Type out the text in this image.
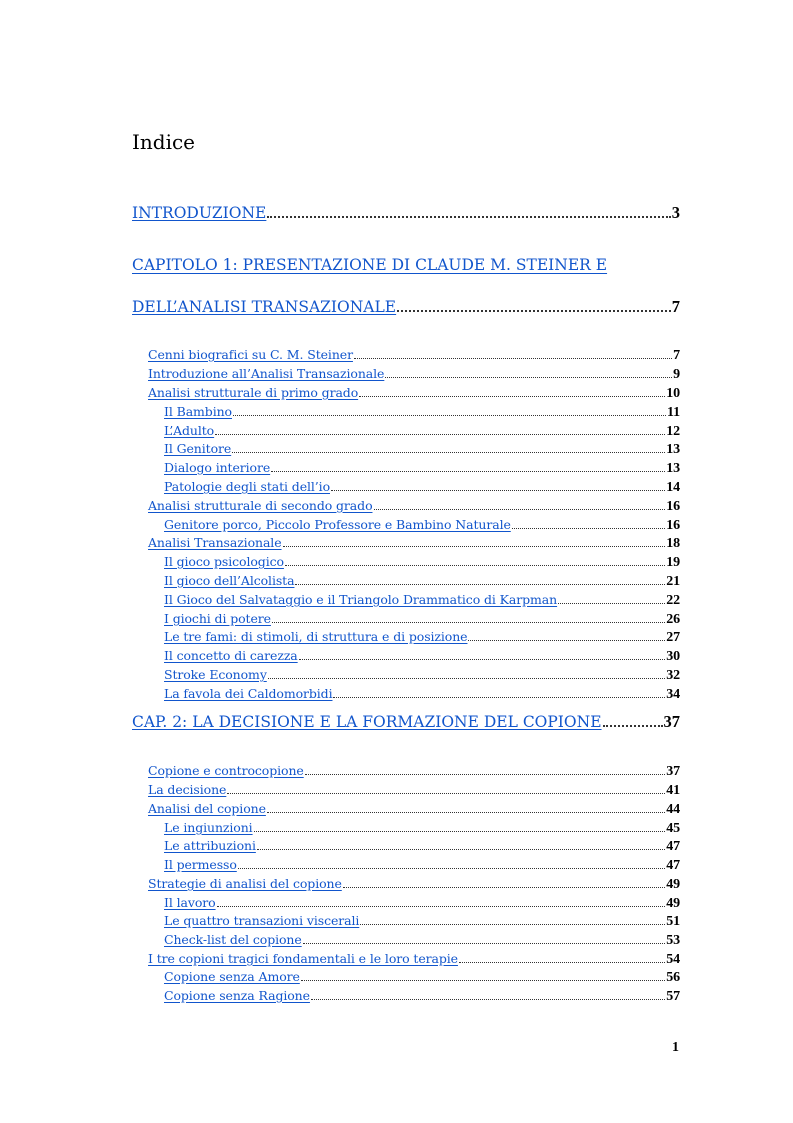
Indice
INTRODUZIONE	3
CAPITOLO 1: PRESENTAZIONE DI CLAUDE M. STEINER E
DELL’ANALISI TRANSAZIONALE	7
Cenni biografici su C. M. Steiner	7
Introduzione all’Analisi Transazionale	9
Analisi strutturale di primo grado	10
Il Bambino	11
L’Adulto	12
Il Genitore	13
Dialogo interiore	13
Patologie degli stati dell’io	14
Analisi strutturale di secondo grado	16
Genitore porco, Piccolo Professore e Bambino Naturale	16
Analisi Transazionale	18
Il gioco psicologico	19
Il gioco dell’Alcolista	21
Il Gioco del Salvataggio e il Triangolo Drammatico di Karpman	22
I giochi di potere	26
Le tre fami: di stimoli, di struttura e di posizione	27
Il concetto di carezza	30
Stroke Economy	32
La favola dei Caldomorbidi	34
CAP. 2: LA DECISIONE E LA FORMAZIONE DEL COPIONE	37
Copione e controcopione	37
La decisione	41
Analisi del copione	44
Le ingiunzioni	45
Le attribuzioni	47
Il permesso	47
Strategie di analisi del copione	49
Il lavoro	49
Le quattro transazioni viscerali	51
Check-list del copione	53
I tre copioni tragici fondamentali e le loro terapie	54
Copione senza Amore	56
Copione senza Ragione	57
1
